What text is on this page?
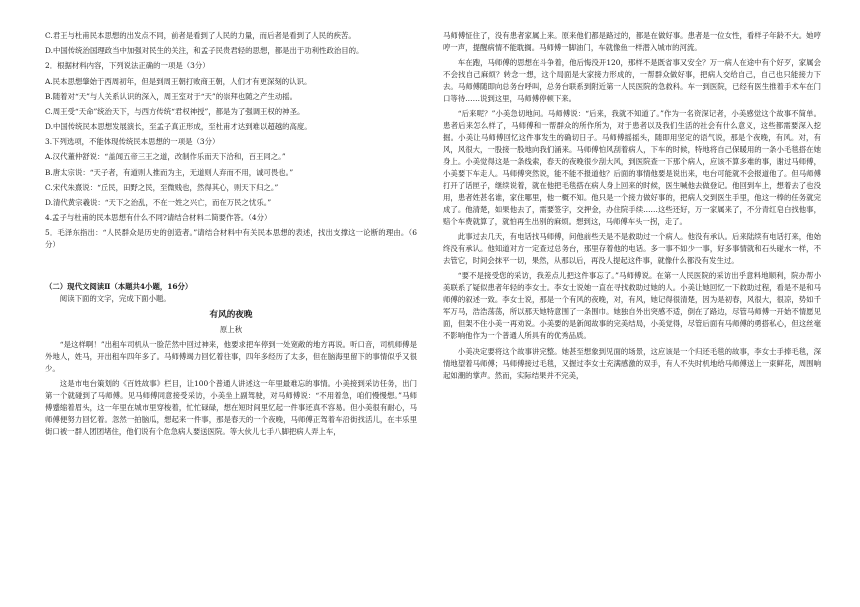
C.君王与杜甫民本思想的出发点不同，前者是看到了人民的力量，而后者是看到了人民的疾苦。

D.中国传统治国理政当中加强对民生的关注，和孟子民贵君轻的思想，都是出于功利性政治目的。

2．根据材料内容，下列说法正确的一项是（3分）

A.民本思想肇始于西周初年，但是到周王朝打败商王朝，人们才有更深刻的认识。

B.随着对“天”与人关系认识的深入，周王室对于“天”的崇拜也随之产生动摇。

C.周王受“天命”统治天下，与西方传统“君权神授”，都是为了强调王权的神圣。

D.中国传统民本思想发展演长，至孟子真正形成，至杜甫才达到难以超越的高度。

3.下列选项，不能体现传统民本思想的一项是（3分）

A.汉代董仲舒说：“盖闻五帝三王之道，改制作乐而天下洽和，百王同之。”

B.唐太宗说：“天子者，有道则人推而为主，无道则人弃而不用，诚可畏也。”

C.宋代朱熹说：“丘民，田野之民，至微贱也，然得其心，则天下归之。”

D.清代黄宗羲说：“天下之治乱，不在一姓之兴亡，而在万民之忧乐。”

4.孟子与杜甫的民本思想有什么不同?请结合材料二简要作答。（4分）

5．毛泽东指出：“人民群众是历史的创造者。”请结合材料中有关民本思想的表述，找出支撑这一论断的理由。（6分）

（二）现代文阅读Ⅱ（本题共4小题，16分）

阅读下面的文字，完成下面小题。

有风的夜晚

原上秋

“是这样啊！”出租车司机从一脸茫然中回过神来，他要求把车停到一处宽敞的地方再说。听口音，司机师傅是外地人，姓马，开出租车四年多了。马师傅竭力回忆着往事，四年多经历了太多，但在脑海里留下的事情似乎又很少。

这是市电台策划的《百姓故事》栏目，让100个普通人讲述这一年里最难忘的事情。小美接到采访任务，出门第一个就碰到了马师傅。见马师傅同意接受采访，小美坐上副驾驶，对马师傅说：“不用着急，咱们慢慢想。”马师傅蹙缩着眉头，这一年里在城市里穿梭着，忙忙碌碌，想在短时间里忆起一件事还真不容易。但小美很有耐心，马师傅便努力回忆着。忽然一拍脑瓜，想起来一件事，那是春天的一个夜晚，马师傅正驾着车沿街找活儿，在丰乐里街口被一群人团团堵住，他们说有个危急病人要送医院。等大伙儿七手八脚把病人弄上车，

马师傅怔住了，没有患者家属上来。原来他们都是路过的，都是在做好事。患者是一位女性，看样子年龄不大。她哼哼一声，提醒病情不能耽搁。马师傅一脚油门，车就像鱼一样潜入城市的河流。

车在跑，马师傅的思想在斗争着，他后悔没开120，那样不是既省事又安全？万一病人在途中有个好歹，家属会不会找自己麻烦？转念一想，这个局面是大家接力形成的，一帮群众做好事，把病人交给自己，自己也只能接力下去。马师傅随即向总务台呼叫，总务台联系到附近第一人民医院的急救科。车一到医院，已经有医生推着手术车在门口等待……说到这里，马师傅停顿下来。

“后来呢？”小美急切地问。马师傅说：“后来，我就不知道了。”作为一名资深记者，小美感觉这个故事不简单。患者后来怎么样了，马师傅和一帮群众的所作所为，对于患者以及我们生活的社会有什么意义，这些都需要深入挖掘。小美让马师傅回忆这件事发生的确切日子。马师傅摇摇头，随即用坚定的语气说，那是个夜晚，有风。对，有风，风很大，一股接一股地向我们涌来。马师傅怕风刮着病人，下车的时候，特地将自己保暖用的一条小毛毯搭在她身上。小美觉得这是一条线索，春天的夜晚很少刮大风，到医院查一下那个病人，应该不算多难的事，谢过马师傅，小美要下车走人。马师傅突然说，能不能不报道他？后面的事情他要是说出来，电台可能就不会报道他了。但马师傅打开了话匣子，继续说着，就在他把毛毯搭在病人身上回来的时候，医生喊他去做登记。他回到车上，想着去了也没用，患者姓甚名谁，家住哪里，他一概不知。他只是一个接力做好事的，把病人交到医生手里，他这一棒的任务就完成了。他清楚，如果他去了，需要签字，交押金，办住院手续……这些还好，万一家属来了，不分青红皂白找他事，赔个车费就算了，就怕再生出别的麻烦。想到这，马师傅车头一拐，走了。

此事过去几天，有电话找马师傅，问他前些天是不是救助过一个病人。他没有承认。后来陆续有电话打来，他始终没有承认。他知道对方一定查过总务台，那里存着他的电话。多一事不如少一事，好多事情就和石头碰水一样，不去管它，时间会抹平一切，果然，从那以后，再没人提起这件事，就像什么都没有发生过。

“要不是接受您的采访，我差点儿把这件事忘了。”马师傅说。在第一人民医院的采访出乎意料地顺利，院办帮小美联系了疑似患者年轻的李女士。李女士说她一直在寻找救助过她的人。小美让她回忆一下救助过程，看是不是和马师傅的叙述一致。李女士说，那是一个有风的夜晚，对，有风，她记得很清楚，因为是初春，风很大，很凉，势如千军万马，浩浩荡荡，所以那天她特意围了一条围巾。她独自外出突感不适，倒在了路边，尽管马师傅一开始不情愿见面，但架不住小美一再劝说。小美要的是新闻故事的完美结局，小美觉得，尽管后面有马师傅的勇搭私心，但这丝毫不影响他作为一个普通人所具有的优秀品质。

小美决定要将这个故事讲完整。她甚至想象到见面的场景，这应该是一个归还毛毯的故事，李女士手捧毛毯，深情地望着马师傅；马师傅接过毛毯，又握过李女士充满感激的双手，有人不失时机地给马师傅送上一束鲜花，周围响起如潮的掌声。然而，实际结果并不完美，
